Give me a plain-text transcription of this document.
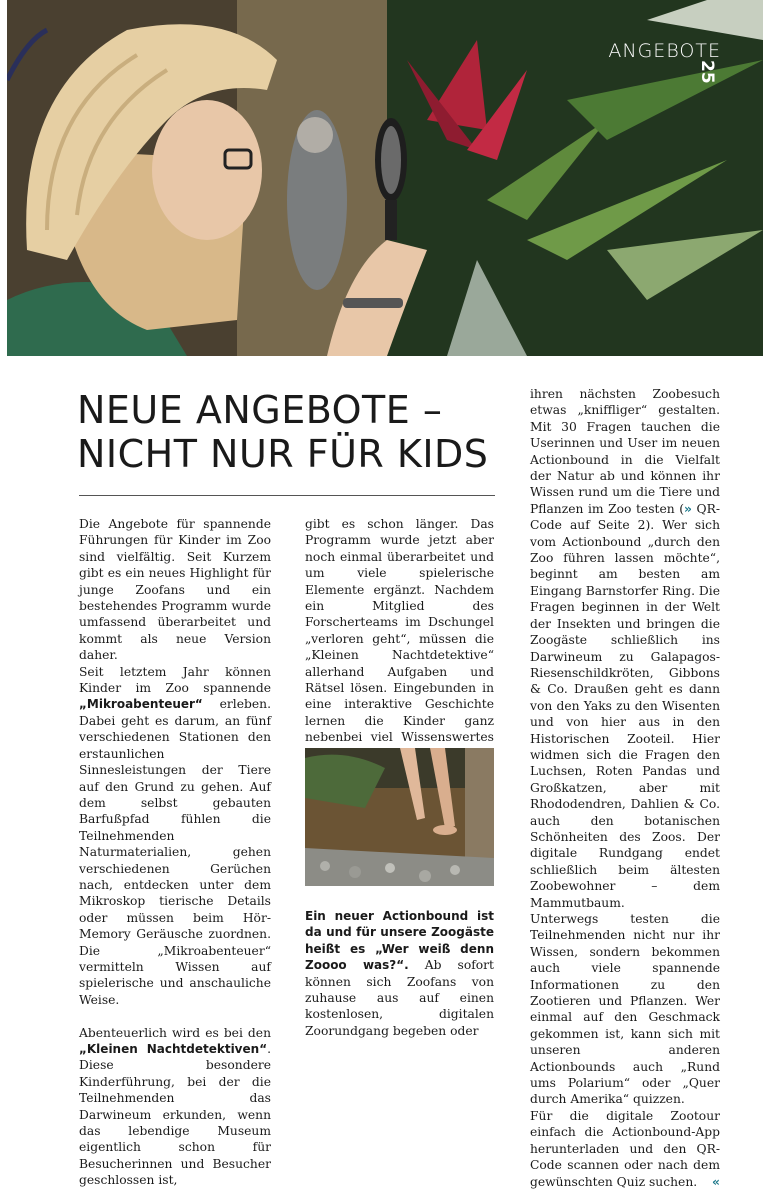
ANGEBOTE
25
NEUE ANGEBOTE –
NICHT NUR FÜR KIDS

Die Angebote für spannende Führungen für Kinder im Zoo sind vielfältig. Seit Kurzem gibt es ein neues Highlight für junge Zoofans und ein bestehendes Programm wurde umfassend überarbeitet und kommt als neue Version daher.

Seit letztem Jahr können Kinder im Zoo spannende „Mikroabenteuer“ erleben. Dabei geht es darum, an fünf verschiedenen Stationen den erstaunlichen Sinnesleistungen der Tiere auf den Grund zu gehen. Auf dem selbst gebauten Barfußpfad fühlen die Teilnehmenden Naturmaterialien, gehen verschiedenen Gerüchen nach, entdecken unter dem Mikroskop tierische Details oder müssen beim Hör-Memory Geräusche zuordnen. Die „Mikroabenteuer“ vermitteln Wissen auf spielerische und anschauliche Weise.

Abenteuerlich wird es bei den „Kleinen Nachtdetektiven“. Diese besondere Kinderführung, bei der die Teilnehmenden das Darwineum erkunden, wenn das lebendige Museum eigentlich schon für Besucherinnen und Besucher geschlossen ist,

gibt es schon länger. Das Programm wurde jetzt aber noch einmal überarbeitet und um viele spielerische Elemente ergänzt. Nachdem ein Mitglied des Forscherteams im Dschungel „verloren geht“, müssen die „Kleinen Nachtdetektive“ allerhand Aufgaben und Rätsel lösen. Eingebunden in eine interaktive Geschichte lernen die Kinder ganz nebenbei viel Wissenswertes

Ein neuer Actionbound ist da und für unsere Zoogäste heißt es „Wer weiß denn Zoooo was?“. Ab sofort können sich Zoofans von zuhause aus auf einen kostenlosen, digitalen Zoorundgang begeben oder

ihren nächsten Zoobesuch etwas „kniffliger“ gestalten. Mit 30 Fragen tauchen die Userinnen und User im neuen Actionbound in die Vielfalt der Natur ab und können ihr Wissen rund um die Tiere und Pflanzen im Zoo testen (» QR-Code auf Seite 2). Wer sich vom Actionbound „durch den Zoo führen lassen möchte“, beginnt am besten am Eingang Barnstorfer Ring. Die Fragen beginnen in der Welt der Insekten und bringen die Zoogäste schließlich ins Darwineum zu Galapagos-Riesenschildkröten, Gibbons & Co. Draußen geht es dann von den Yaks zu den Wisenten und von hier aus in den Historischen Zooteil. Hier widmen sich die Fragen den Luchsen, Roten Pandas und Großkatzen, aber mit Rhododendren, Dahlien & Co. auch den botanischen Schönheiten des Zoos. Der digitale Rundgang endet schließlich beim ältesten Zoobewohner – dem Mammutbaum.

Unterwegs testen die Teilnehmenden nicht nur ihr Wissen, sondern bekommen auch viele spannende Informationen zu den Zootieren und Pflanzen. Wer einmal auf den Geschmack gekommen ist, kann sich mit unseren anderen Actionbounds auch „Rund ums Polarium“ oder „Quer durch Amerika“ quizzen.

Für die digitale Zootour einfach die Actionbound-App herunterladen und den QR-Code scannen oder nach dem gewünschten Quiz suchen. «
